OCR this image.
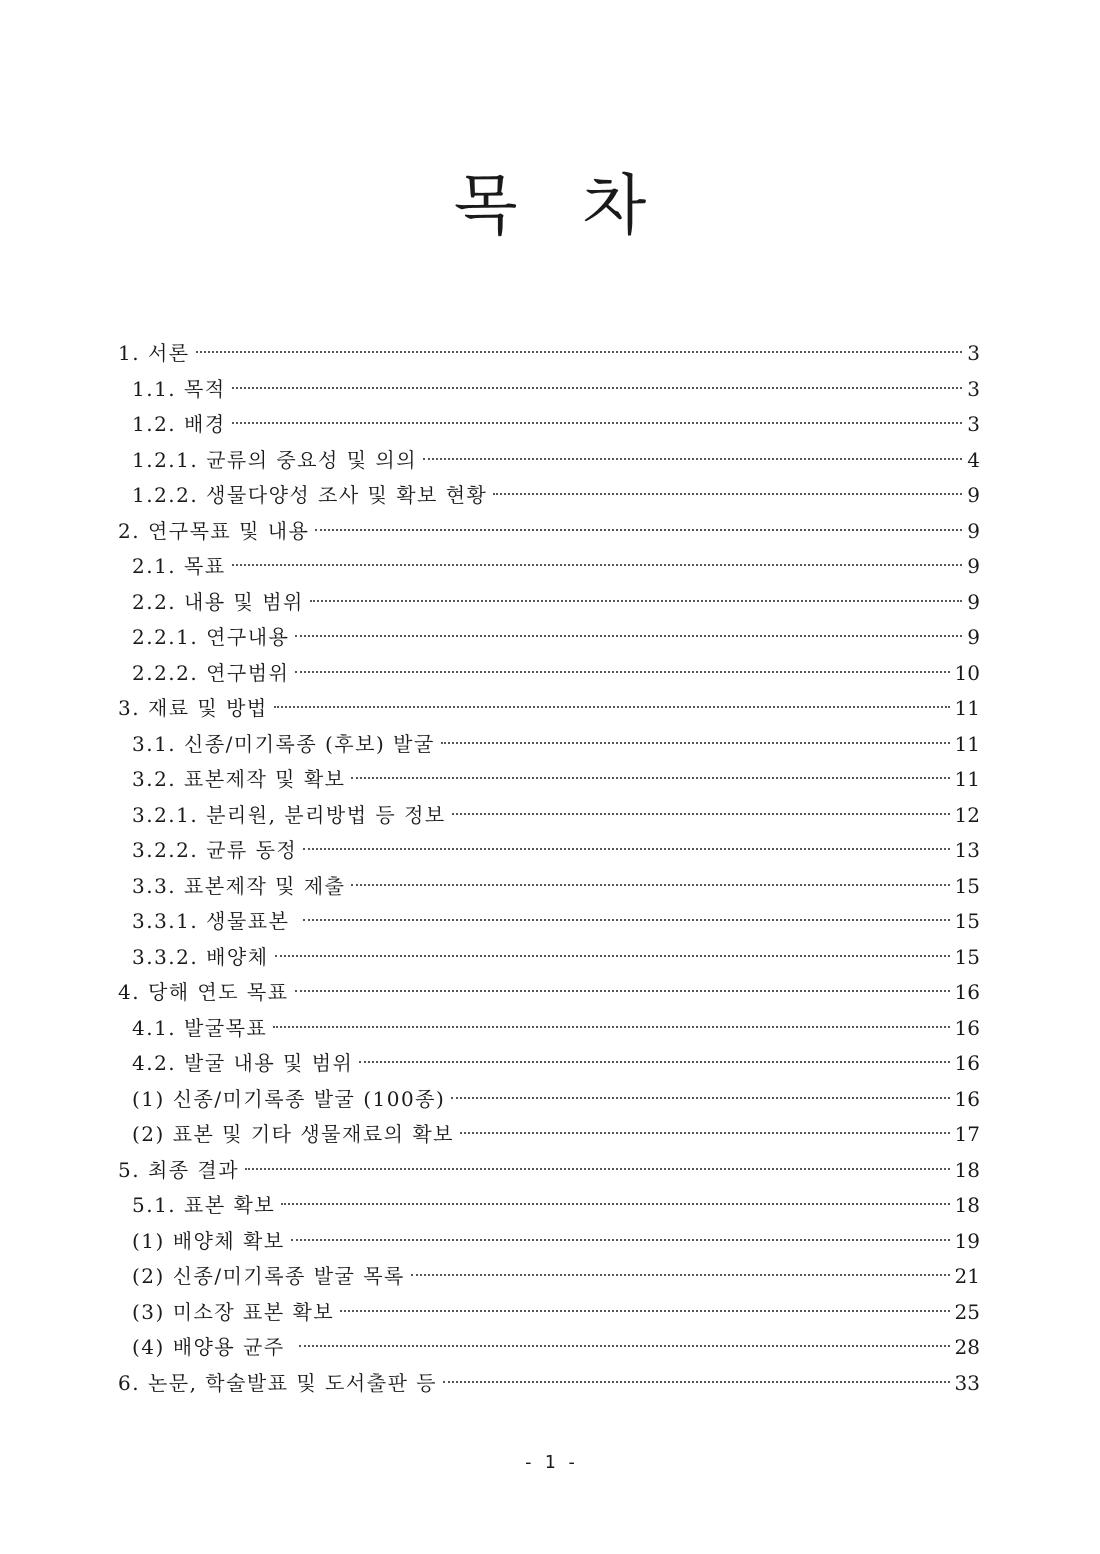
목 차
1. 서론	3
1.1. 목적	3
1.2. 배경	3
1.2.1. 균류의 중요성 및 의의	4
1.2.2. 생물다양성 조사 및 확보 현황	9
2. 연구목표 및 내용	9
2.1. 목표	9
2.2. 내용 및 범위	9
2.2.1. 연구내용	9
2.2.2. 연구범위	10
3. 재료 및 방법	11
3.1. 신종/미기록종 (후보) 발굴	11
3.2. 표본제작 및 확보	11
3.2.1. 분리원, 분리방법 등 정보	12
3.2.2. 균류 동정	13
3.3. 표본제작 및 제출	15
3.3.1. 생물표본	15
3.3.2. 배양체	15
4. 당해 연도 목표	16
4.1. 발굴목표	16
4.2. 발굴 내용 및 범위	16
(1) 신종/미기록종 발굴 (100종)	16
(2) 표본 및 기타 생물재료의 확보	17
5. 최종 결과	18
5.1. 표본 확보	18
(1) 배양체 확보	19
(2) 신종/미기록종 발굴 목록	21
(3) 미소장 표본 확보	25
(4) 배양용 균주	28
6. 논문, 학술발표 및 도서출판 등	33
- 1 -
